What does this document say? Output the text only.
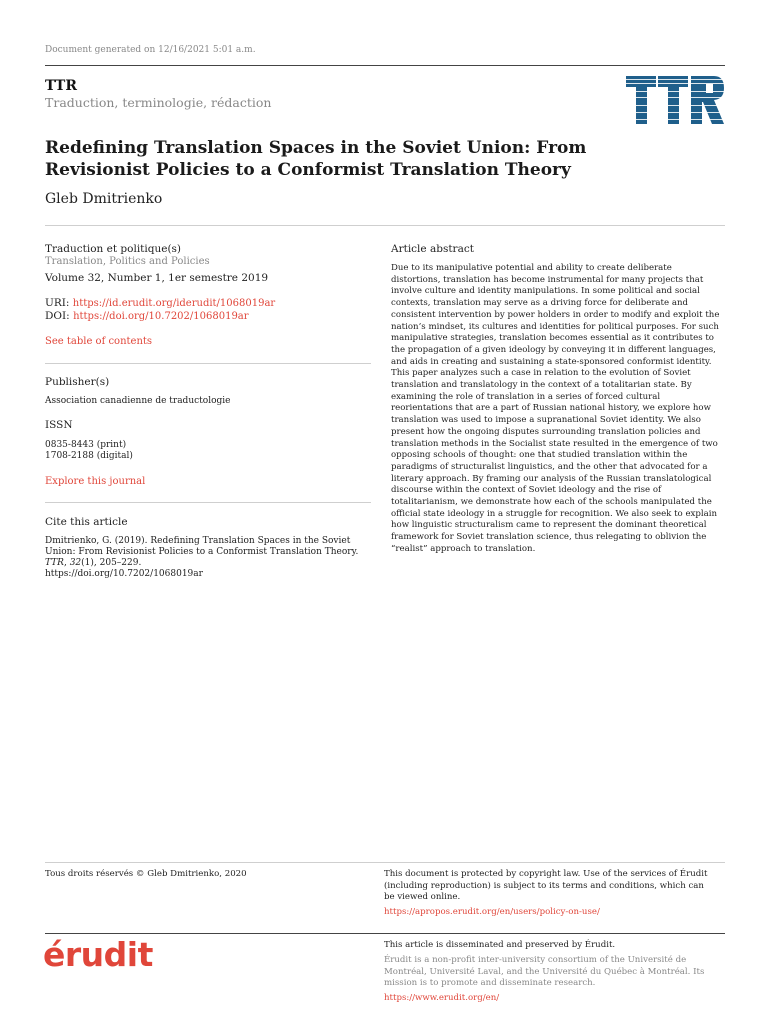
Document generated on 12/16/2021 5:01 a.m.
TTR
Traduction, terminologie, rédaction
Redefining Translation Spaces in the Soviet Union: From Revisionist Policies to a Conformist Translation Theory
Gleb Dmitrienko
Traduction et politique(s)
Translation, Politics and Policies
Volume 32, Number 1, 1er semestre 2019
URI: https://id.erudit.org/iderudit/1068019ar
DOI: https://doi.org/10.7202/1068019ar
See table of contents
Publisher(s)
Association canadienne de traductologie
ISSN
0835-8443 (print)
1708-2188 (digital)
Explore this journal
Cite this article
Dmitrienko, G. (2019). Redefining Translation Spaces in the Soviet Union: From Revisionist Policies to a Conformist Translation Theory. TTR, 32(1), 205–229.
https://doi.org/10.7202/1068019ar
Article abstract
Due to its manipulative potential and ability to create deliberate distortions, translation has become instrumental for many projects that involve culture and identity manipulations. In some political and social contexts, translation may serve as a driving force for deliberate and consistent intervention by power holders in order to modify and exploit the nation’s mindset, its cultures and identities for political purposes. For such manipulative strategies, translation becomes essential as it contributes to the propagation of a given ideology by conveying it in different languages, and aids in creating and sustaining a state-sponsored conformist identity. This paper analyzes such a case in relation to the evolution of Soviet translation and translatology in the context of a totalitarian state. By examining the role of translation in a series of forced cultural reorientations that are a part of Russian national history, we explore how translation was used to impose a supranational Soviet identity. We also present how the ongoing disputes surrounding translation policies and translation methods in the Socialist state resulted in the emergence of two opposing schools of thought: one that studied translation within the paradigms of structuralist linguistics, and the other that advocated for a literary approach. By framing our analysis of the Russian translatological discourse within the context of Soviet ideology and the rise of totalitarianism, we demonstrate how each of the schools manipulated the official state ideology in a struggle for recognition. We also seek to explain how linguistic structuralism came to represent the dominant theoretical framework for Soviet translation science, thus relegating to oblivion the “realist” approach to translation.
Tous droits réservés © Gleb Dmitrienko, 2020	This document is protected by copyright law. Use of the services of Érudit (including reproduction) is subject to its terms and conditions, which can be viewed online.
https://apropos.erudit.org/en/users/policy-on-use/
érudit	This article is disseminated and preserved by Érudit.
Érudit is a non-profit inter-university consortium of the Université de Montréal, Université Laval, and the Université du Québec à Montréal. Its mission is to promote and disseminate research.
https://www.erudit.org/en/
